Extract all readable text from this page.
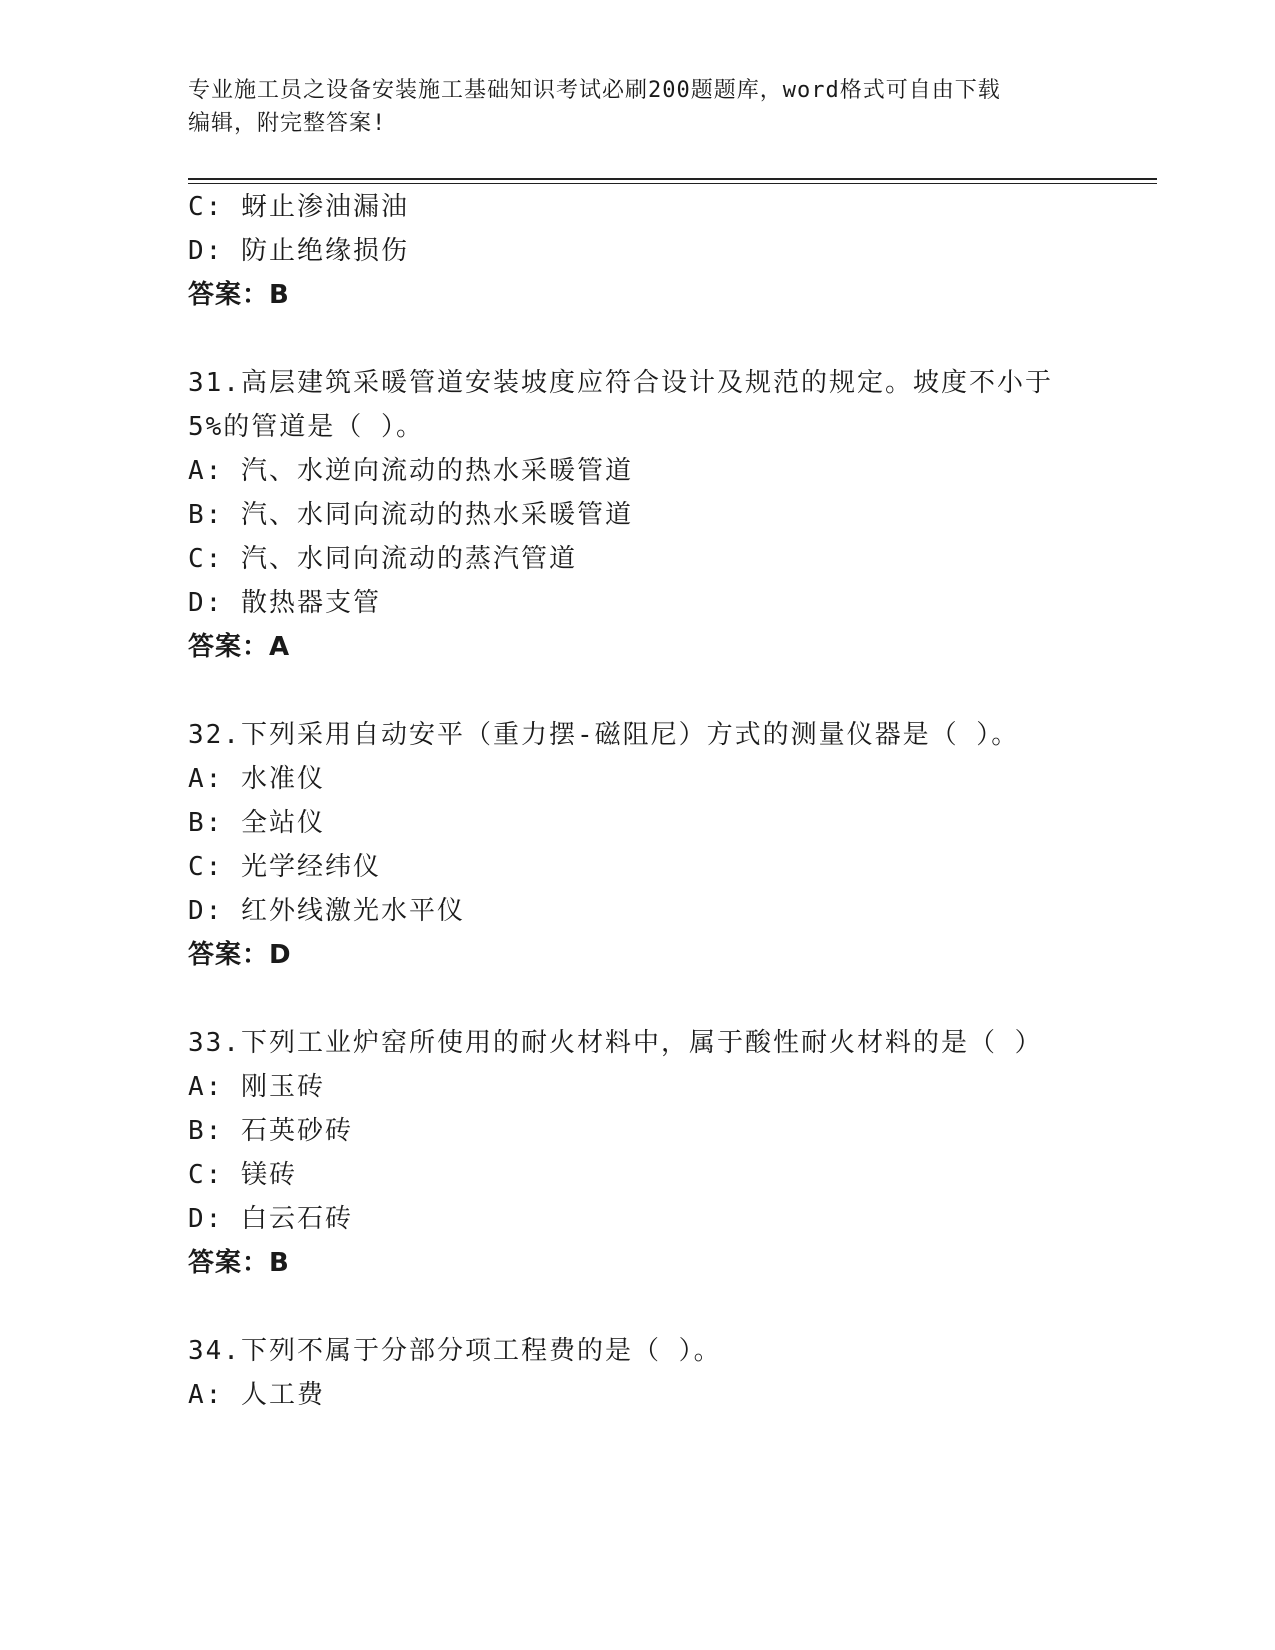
专业施工员之设备安装施工基础知识考试必刷200题题库，word格式可自由下载
编辑，附完整答案!
C: 蚜止渗油漏油
D: 防止绝缘损伤
答案：B
31.高层建筑采暖管道安装坡度应符合设计及规范的规定。坡度不小于
5%的管道是（ ）。
A: 汽、水逆向流动的热水采暖管道
B: 汽、水同向流动的热水采暖管道
C: 汽、水同向流动的蒸汽管道
D: 散热器支管
答案：A
32.下列采用自动安平（重力摆-磁阻尼）方式的测量仪器是（ ）。
A: 水准仪
B: 全站仪
C: 光学经纬仪
D: 红外线激光水平仪
答案：D
33.下列工业炉窑所使用的耐火材料中，属于酸性耐火材料的是（ ）
A: 刚玉砖
B: 石英砂砖
C: 镁砖
D: 白云石砖
答案：B
34.下列不属于分部分项工程费的是（ ）。
A: 人工费
